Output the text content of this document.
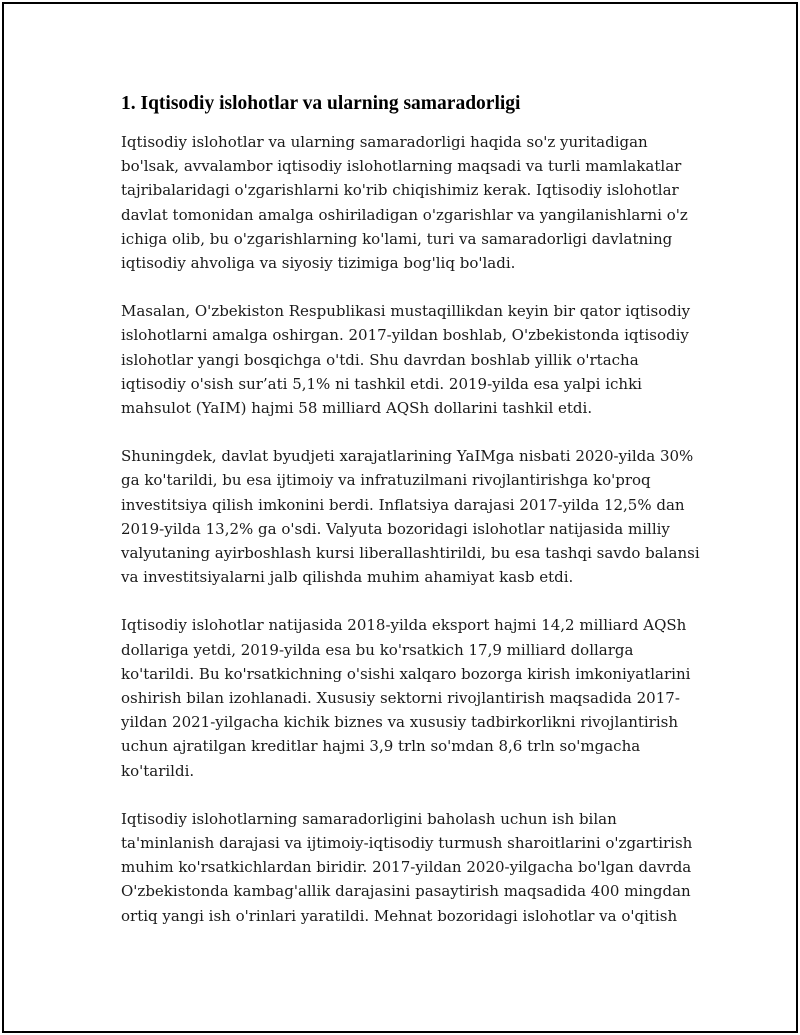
1. Iqtisodiy islohotlar va ularning samaradorligi

Iqtisodiy islohotlar va ularning samaradorligi haqida so'z yuritadigan
bo'lsak, avvalambor iqtisodiy islohotlarning maqsadi va turli mamlakatlar
tajribalaridagi o'zgarishlarni ko'rib chiqishimiz kerak. Iqtisodiy islohotlar
davlat tomonidan amalga oshiriladigan o'zgarishlar va yangilanishlarni o'z
ichiga olib, bu o'zgarishlarning ko'lami, turi va samaradorligi davlatning
iqtisodiy ahvoliga va siyosiy tizimiga bog'liq bo'ladi.

Masalan, O'zbekiston Respublikasi mustaqillikdan keyin bir qator iqtisodiy
islohotlarni amalga oshirgan. 2017-yildan boshlab, O'zbekistonda iqtisodiy
islohotlar yangi bosqichga o'tdi. Shu davrdan boshlab yillik o'rtacha
iqtisodiy o'sish sur’ati 5,1% ni tashkil etdi. 2019-yilda esa yalpi ichki
mahsulot (YaIM) hajmi 58 milliard AQSh dollarini tashkil etdi.

Shuningdek, davlat byudjeti xarajatlarining YaIMga nisbati 2020-yilda 30%
ga ko'tarildi, bu esa ijtimoiy va infratuzilmani rivojlantirishga ko'proq
investitsiya qilish imkonini berdi. Inflatsiya darajasi 2017-yilda 12,5% dan
2019-yilda 13,2% ga o'sdi. Valyuta bozoridagi islohotlar natijasida milliy
valyutaning ayirboshlash kursi liberallashtirildi, bu esa tashqi savdo balansi
va investitsiyalarni jalb qilishda muhim ahamiyat kasb etdi.

Iqtisodiy islohotlar natijasida 2018-yilda eksport hajmi 14,2 milliard AQSh
dollariga yetdi, 2019-yilda esa bu ko'rsatkich 17,9 milliard dollarga
ko'tarildi. Bu ko'rsatkichning o'sishi xalqaro bozorga kirish imkoniyatlarini
oshirish bilan izohlanadi. Xususiy sektorni rivojlantirish maqsadida 2017-
yildan 2021-yilgacha kichik biznes va xususiy tadbirkorlikni rivojlantirish
uchun ajratilgan kreditlar hajmi 3,9 trln so'mdan 8,6 trln so'mgacha
ko'tarildi.

Iqtisodiy islohotlarning samaradorligini baholash uchun ish bilan
ta'minlanish darajasi va ijtimoiy-iqtisodiy turmush sharoitlarini o'zgartirish
muhim ko'rsatkichlardan biridir. 2017-yildan 2020-yilgacha bo'lgan davrda
O'zbekistonda kambag'allik darajasini pasaytirish maqsadida 400 mingdan
ortiq yangi ish o'rinlari yaratildi. Mehnat bozoridagi islohotlar va o'qitish
